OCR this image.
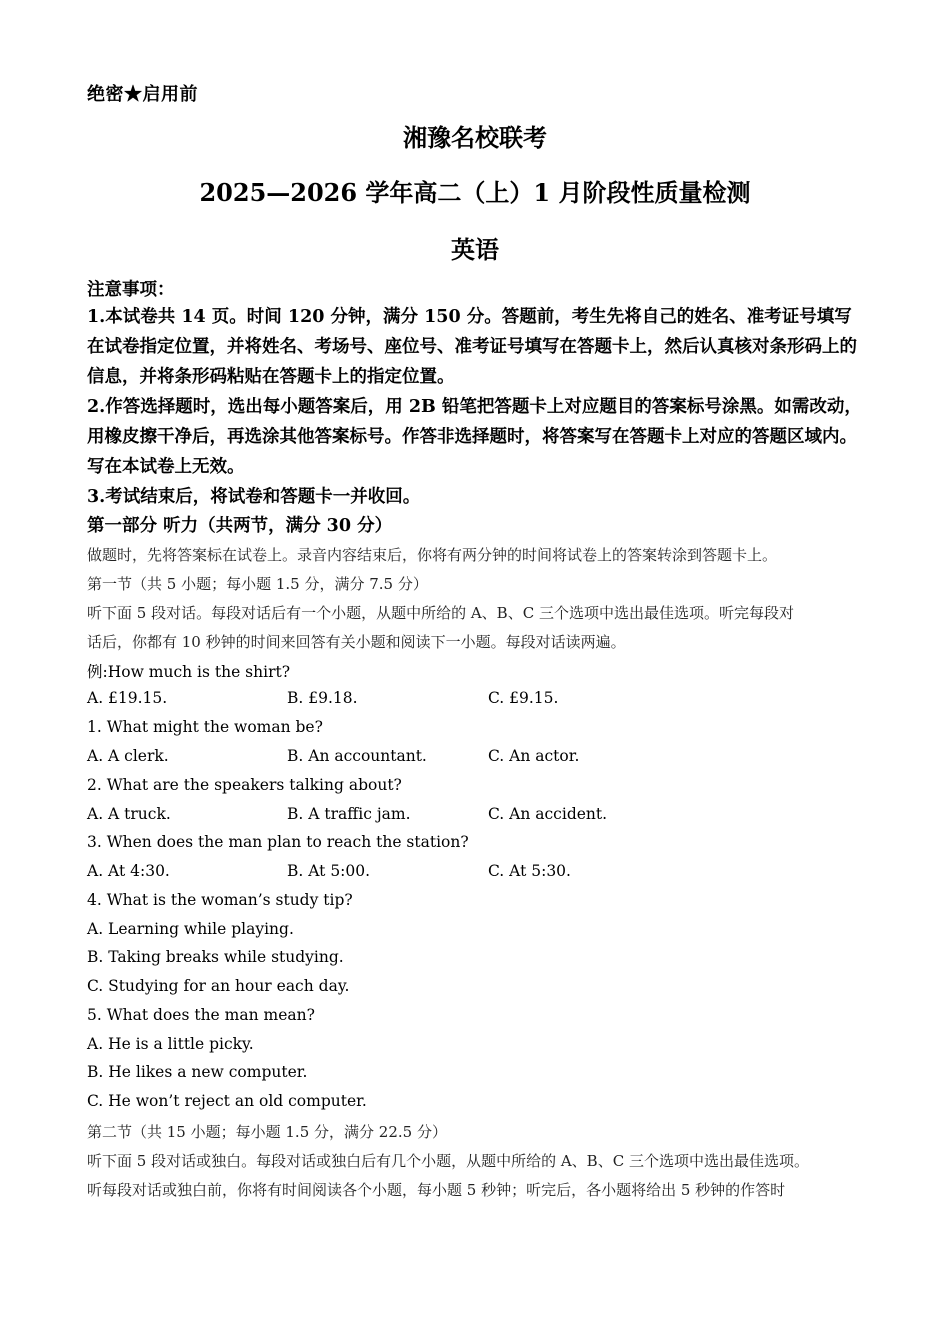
绝密★启用前
湘豫名校联考
2025—2026 学年高二（上）1 月阶段性质量检测
英语
注意事项：

1.本试卷共 14 页。时间 120 分钟，满分 150 分。答题前，考生先将自己的姓名、准考证号填写在试卷指定位置，并将姓名、考场号、座位号、准考证号填写在答题卡上，然后认真核对条形码上的信息，并将条形码粘贴在答题卡上的指定位置。

2.作答选择题时，选出每小题答案后，用 2B 铅笔把答题卡上对应题目的答案标号涂黑。如需改动，用橡皮擦干净后，再选涂其他答案标号。作答非选择题时，将答案写在答题卡上对应的答题区域内。写在本试卷上无效。

3.考试结束后，将试卷和答题卡一并收回。

第一部分 听力（共两节，满分 30 分）
做题时，先将答案标在试卷上。录音内容结束后，你将有两分钟的时间将试卷上的答案转涂到答题卡上。
第一节（共 5 小题；每小题 1.5 分，满分 7.5 分）
听下面 5 段对话。每段对话后有一个小题，从题中所给的 A、B、C 三个选项中选出最佳选项。听完每段对
话后，你都有 10 秒钟的时间来回答有关小题和阅读下一小题。每段对话读两遍。
例:How much is the shirt?
A. £19.15.	B. £9.18.	C. £9.15.
1. What might the woman be?
A. A clerk.	B. An accountant.	C. An actor.
2. What are the speakers talking about?
A. A truck.	B. A traffic jam.	C. An accident.
3. When does the man plan to reach the station?
A. At 4:30.	B. At 5:00.	C. At 5:30.
4. What is the woman’s study tip?
A. Learning while playing.
B. Taking breaks while studying.
C. Studying for an hour each day.
5. What does the man mean?
A. He is a little picky.
B. He likes a new computer.
C. He won’t reject an old computer.
第二节（共 15 小题；每小题 1.5 分，满分 22.5 分）
听下面 5 段对话或独白。每段对话或独白后有几个小题，从题中所给的 A、B、C 三个选项中选出最佳选项。
听每段对话或独白前，你将有时间阅读各个小题，每小题 5 秒钟；听完后，各小题将给出 5 秒钟的作答时
